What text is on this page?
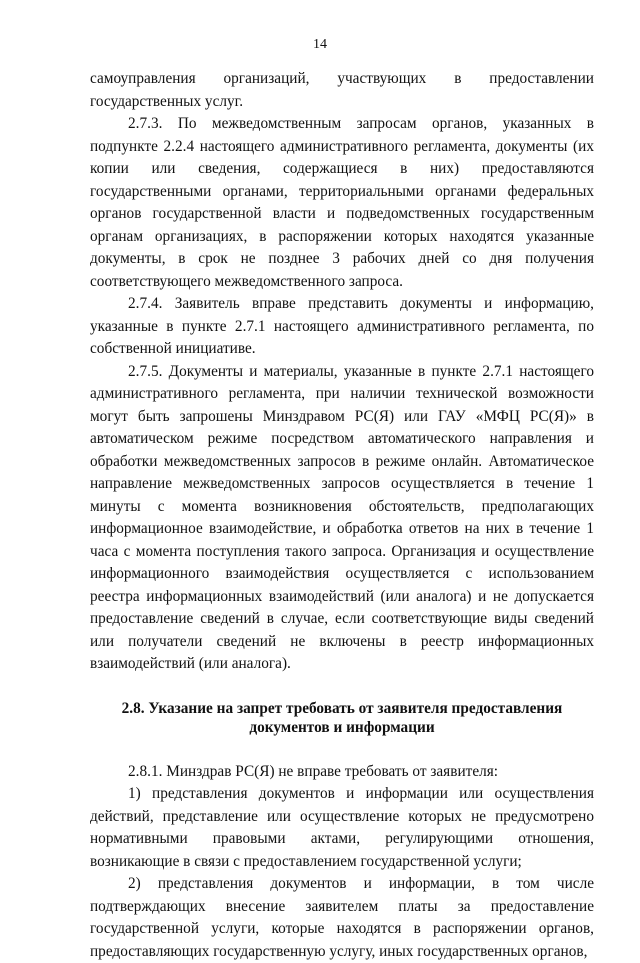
14

самоуправления организаций, участвующих в предоставлении государственных услуг.

2.7.3. По межведомственным запросам органов, указанных в подпункте 2.2.4 настоящего административного регламента, документы (их копии или сведения, содержащиеся в них) предоставляются государственными органами, территориальными органами федеральных органов государственной власти и подведомственных государственным органам организациях, в распоряжении которых находятся указанные документы, в срок не позднее 3 рабочих дней со дня получения соответствующего межведомственного запроса.

2.7.4. Заявитель вправе представить документы и информацию, указанные в пункте 2.7.1 настоящего административного регламента, по собственной инициативе.

2.7.5. Документы и материалы, указанные в пункте 2.7.1 настоящего административного регламента, при наличии технической возможности могут быть запрошены Минздравом РС(Я) или ГАУ «МФЦ РС(Я)» в автоматическом режиме посредством автоматического направления и обработки межведомственных запросов в режиме онлайн. Автоматическое направление межведомственных запросов осуществляется в течение 1 минуты с момента возникновения обстоятельств, предполагающих информационное взаимодействие, и обработка ответов на них в течение 1 часа с момента поступления такого запроса. Организация и осуществление информационного взаимодействия осуществляется с использованием реестра информационных взаимодействий (или аналога) и не допускается предоставление сведений в случае, если соответствующие виды сведений или получатели сведений не включены в реестр информационных взаимодействий (или аналога).

2.8. Указание на запрет требовать от заявителя предоставления документов и информации

2.8.1. Минздрав РС(Я) не вправе требовать от заявителя:

1) представления документов и информации или осуществления действий, представление или осуществление которых не предусмотрено нормативными правовыми актами, регулирующими отношения, возникающие в связи с предоставлением государственной услуги;

2) представления документов и информации, в том числе подтверждающих внесение заявителем платы за предоставление государственной услуги, которые находятся в распоряжении органов, предоставляющих государственную услугу, иных государственных органов,
